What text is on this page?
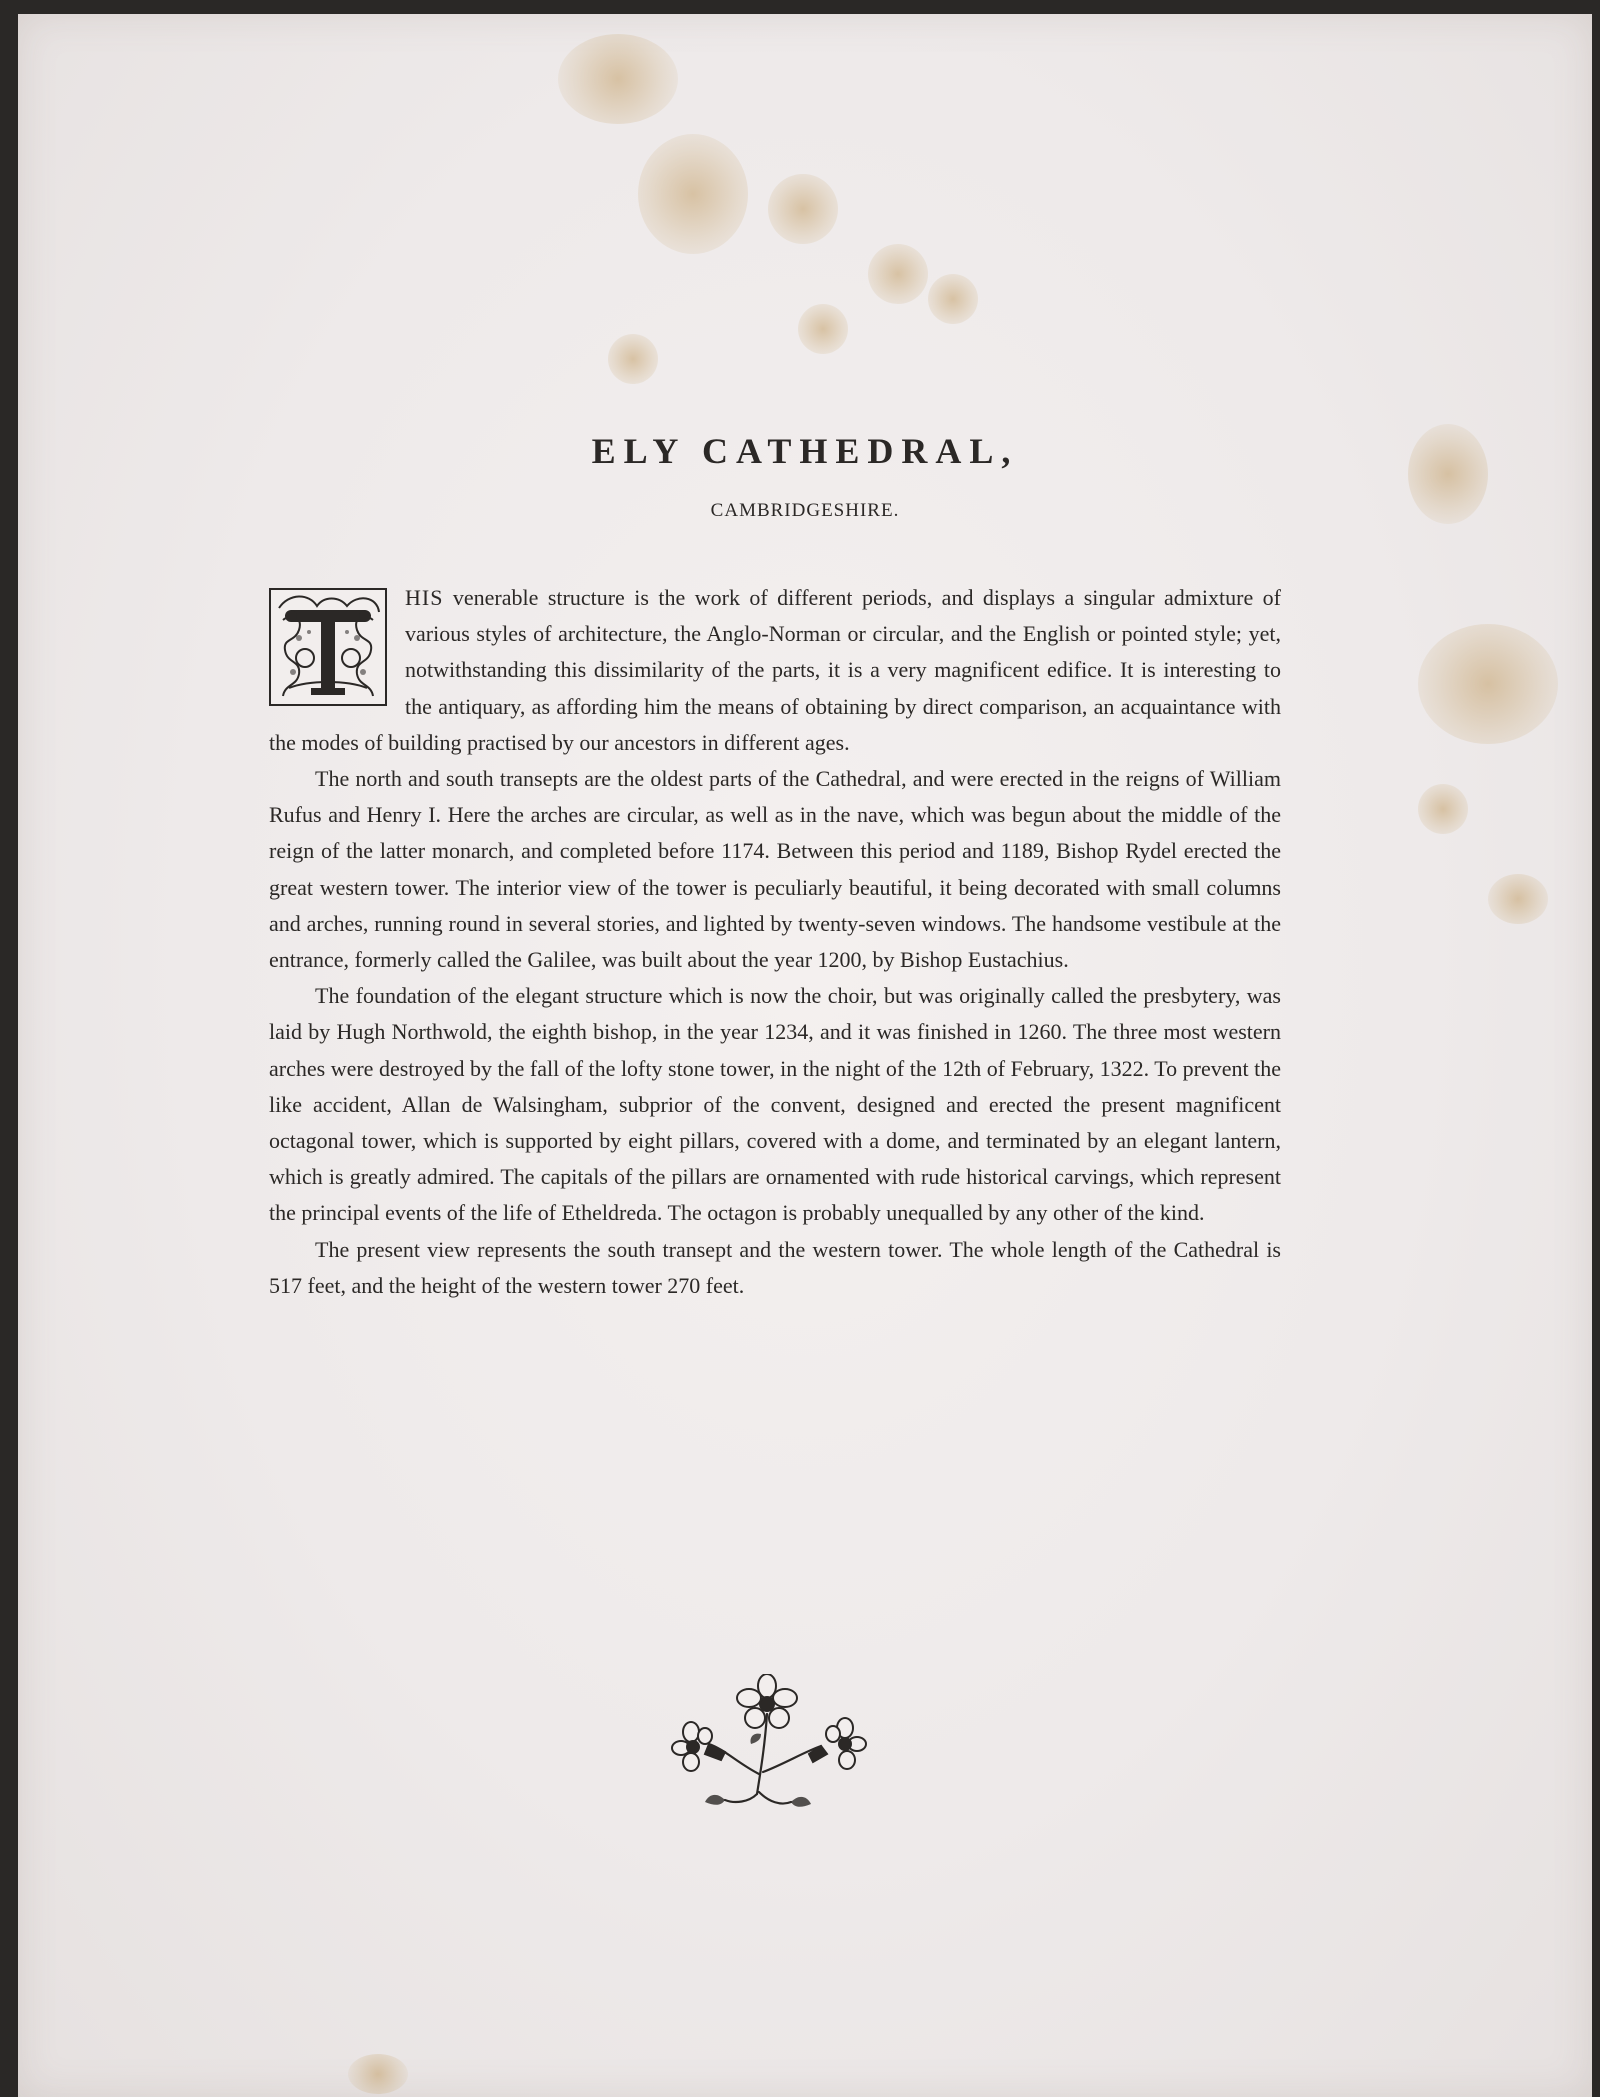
ELY CATHEDRAL,
CAMBRIDGESHIRE.

HIS venerable structure is the work of different periods, and displays a singular admixture of various styles of architecture, the Anglo-Norman or circular, and the English or pointed style; yet, notwithstanding this dissimilarity of the parts, it is a very magnificent edifice. It is interesting to the antiquary, as affording him the means of obtaining by direct comparison, an acquaintance with the modes of building practised by our ancestors in different ages.

The north and south transepts are the oldest parts of the Cathedral, and were erected in the reigns of William Rufus and Henry I. Here the arches are circular, as well as in the nave, which was begun about the middle of the reign of the latter monarch, and completed before 1174. Between this period and 1189, Bishop Rydel erected the great western tower. The interior view of the tower is peculiarly beautiful, it being decorated with small columns and arches, running round in several stories, and lighted by twenty-seven windows. The handsome vestibule at the entrance, formerly called the Galilee, was built about the year 1200, by Bishop Eustachius.

The foundation of the elegant structure which is now the choir, but was originally called the presbytery, was laid by Hugh Northwold, the eighth bishop, in the year 1234, and it was finished in 1260. The three most western arches were destroyed by the fall of the lofty stone tower, in the night of the 12th of February, 1322. To prevent the like accident, Allan de Walsingham, subprior of the convent, designed and erected the present magnificent octagonal tower, which is supported by eight pillars, covered with a dome, and terminated by an elegant lantern, which is greatly admired. The capitals of the pillars are ornamented with rude historical carvings, which represent the principal events of the life of Etheldreda. The octagon is probably unequalled by any other of the kind.

The present view represents the south transept and the western tower. The whole length of the Cathedral is 517 feet, and the height of the western tower 270 feet.
